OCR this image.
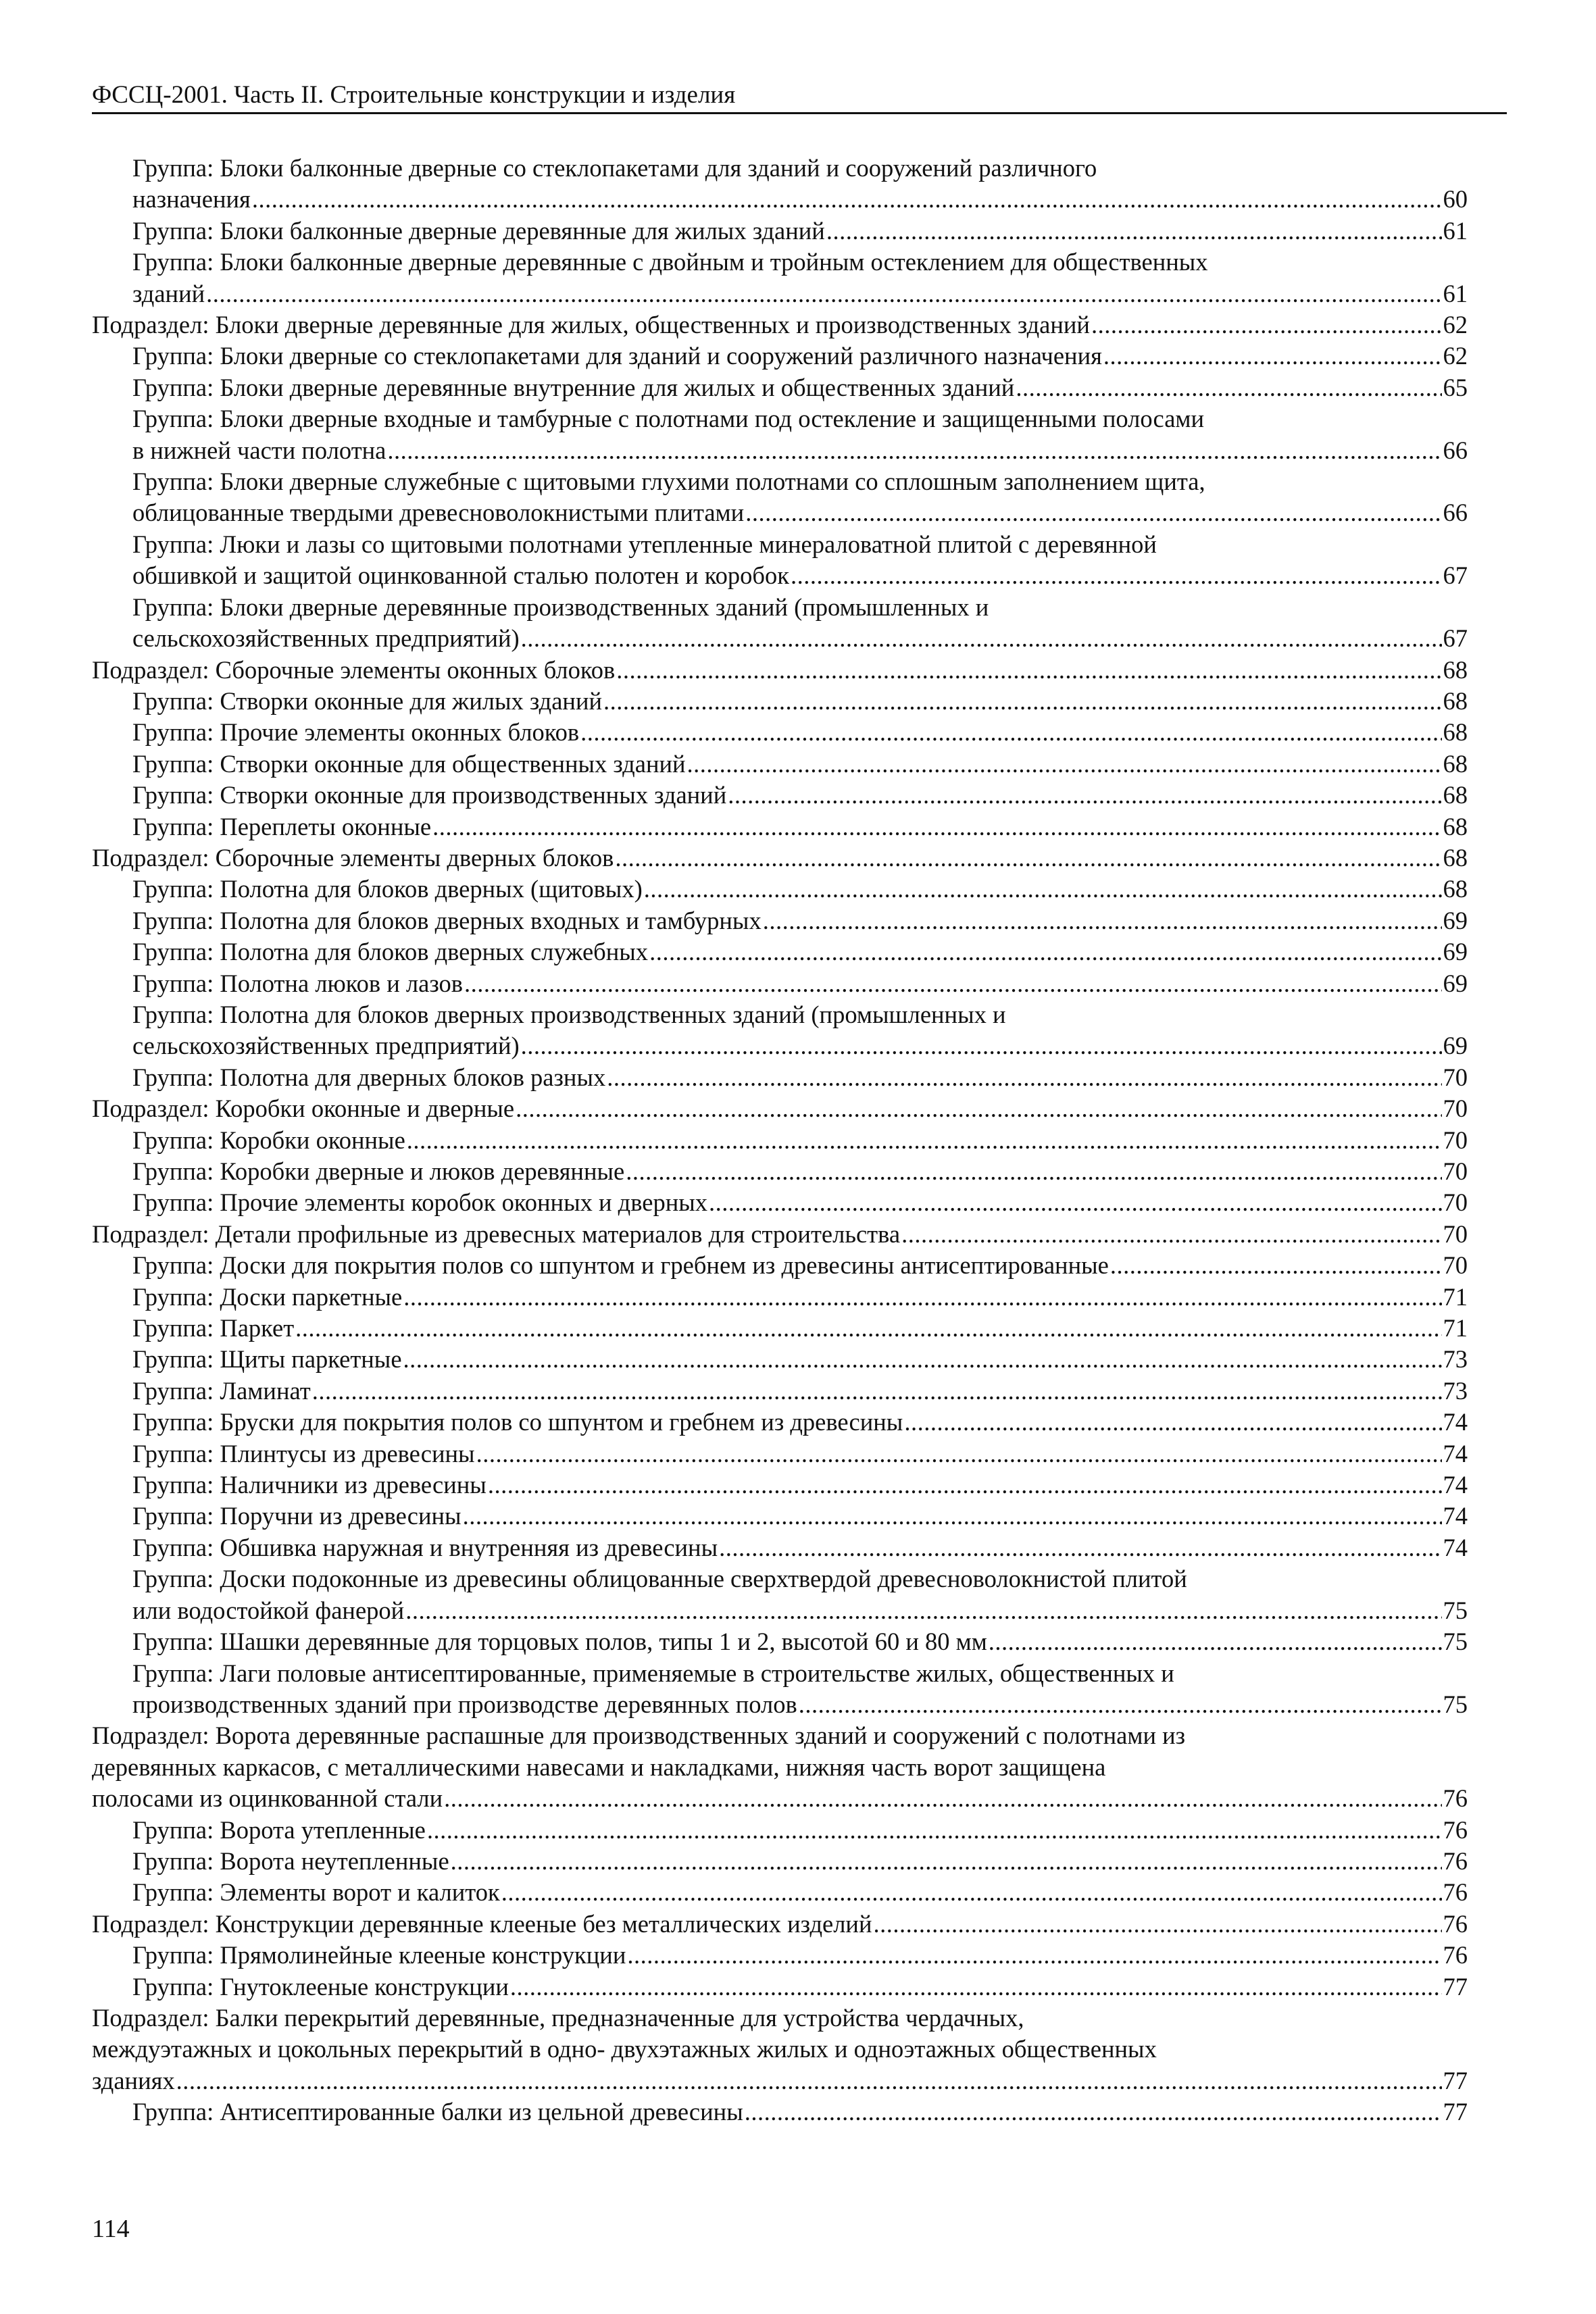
ФССЦ-2001. Часть II. Строительные конструкции и изделия
Группа: Блоки балконные дверные со стеклопакетами для зданий и сооружений различного
назначения .....	60
Группа: Блоки балконные дверные деревянные для жилых зданий .....	61
Группа: Блоки балконные дверные деревянные с двойным и тройным остеклением для общественных
зданий .....	61
Подраздел: Блоки дверные деревянные для жилых, общественных и производственных зданий .....	62
Группа: Блоки дверные со стеклопакетами для зданий и сооружений различного назначения .....	62
Группа: Блоки дверные деревянные внутренние для жилых и общественных зданий .....	65
Группа: Блоки дверные входные и тамбурные с полотнами под остекление и защищенными полосами
в нижней части полотна .....	66
Группа: Блоки дверные служебные с щитовыми глухими полотнами со сплошным заполнением щита,
облицованные твердыми древесноволокнистыми плитами .....	66
Группа: Люки и лазы со щитовыми полотнами утепленные минераловатной плитой с деревянной
обшивкой и защитой оцинкованной сталью полотен и коробок .....	67
Группа: Блоки дверные деревянные производственных зданий (промышленных и
сельскохозяйственных предприятий) .....	67
Подраздел: Сборочные элементы оконных блоков .....	68
Группа: Створки оконные для жилых зданий .....	68
Группа: Прочие элементы оконных блоков .....	68
Группа: Створки оконные для общественных зданий .....	68
Группа: Створки оконные для производственных зданий .....	68
Группа: Переплеты оконные .....	68
Подраздел: Сборочные элементы дверных блоков .....	68
Группа: Полотна для блоков дверных (щитовых) .....	68
Группа: Полотна для блоков дверных входных и тамбурных .....	69
Группа: Полотна для блоков дверных служебных .....	69
Группа: Полотна люков и лазов .....	69
Группа: Полотна для блоков дверных производственных зданий (промышленных и
сельскохозяйственных предприятий) .....	69
Группа: Полотна для дверных блоков разных .....	70
Подраздел: Коробки оконные и дверные .....	70
Группа: Коробки оконные .....	70
Группа: Коробки дверные и люков деревянные .....	70
Группа: Прочие элементы коробок оконных и дверных .....	70
Подраздел: Детали профильные из древесных материалов для строительства .....	70
Группа: Доски для покрытия полов со шпунтом и гребнем из древесины антисептированные .....	70
Группа: Доски паркетные .....	71
Группа: Паркет .....	71
Группа: Щиты паркетные .....	73
Группа: Ламинат .....	73
Группа: Бруски для покрытия полов со шпунтом и гребнем из древесины .....	74
Группа: Плинтусы из древесины .....	74
Группа: Наличники из древесины .....	74
Группа: Поручни из древесины .....	74
Группа: Обшивка наружная и внутренняя из древесины .....	74
Группа: Доски подоконные из древесины облицованные сверхтвердой древесноволокнистой плитой
или водостойкой фанерой .....	75
Группа: Шашки деревянные для торцовых полов, типы 1 и 2, высотой 60 и 80 мм .....	75
Группа: Лаги половые антисептированные, применяемые в строительстве жилых, общественных и
производственных зданий при производстве деревянных полов .....	75
Подраздел: Ворота деревянные распашные для производственных зданий и сооружений с полотнами из
деревянных каркасов, с металлическими навесами и накладками, нижняя часть ворот защищена
полосами из оцинкованной стали .....	76
Группа: Ворота утепленные .....	76
Группа: Ворота неутепленные .....	76
Группа: Элементы ворот и калиток .....	76
Подраздел: Конструкции деревянные клееные без металлических изделий .....	76
Группа: Прямолинейные клееные конструкции .....	76
Группа: Гнутоклееные конструкции .....	77
Подраздел: Балки перекрытий деревянные, предназначенные для устройства чердачных,
междуэтажных и цокольных перекрытий в одно- двухэтажных жилых и одноэтажных общественных
зданиях .....	77
Группа: Антисептированные балки из цельной древесины .....	77
114
